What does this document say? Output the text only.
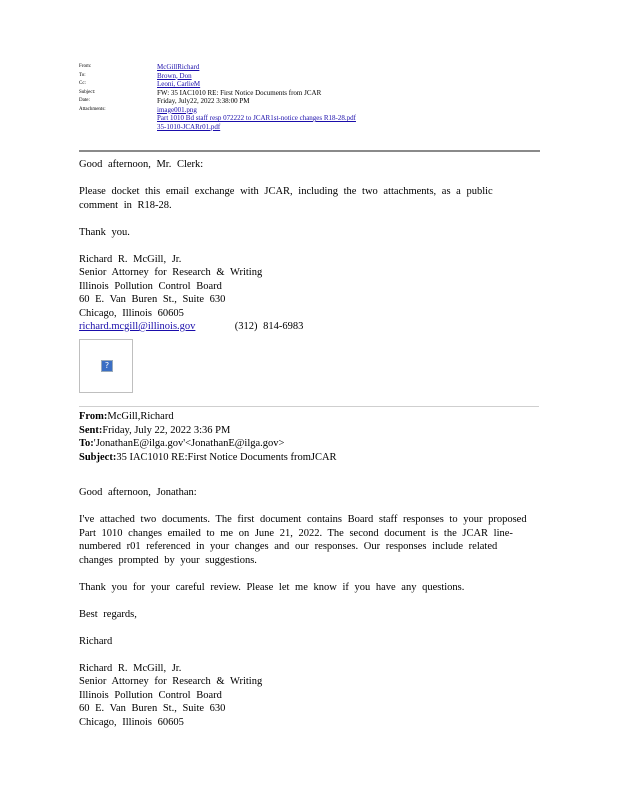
From:	McGillRichard
To:	Brown, Don
Cc:	Leoni, CarlieM
Subject:	FW: 35 IAC1010 RE: First Notice Documents from JCAR
Date:	Friday, July22, 2022 3:38:00 PM
Attachments:	image001.png
Part 1010 Bd staff resp 072222 to JCAR1st-notice changes R18-28.pdf
35-1010-JCARr01.pdf

Good afternoon, Mr. Clerk:

Please docket this email exchange with JCAR, including the two attachments, as a public comment in R18-28.

Thank you.

Richard R. McGill, Jr.
Senior Attorney for Research & Writing
Illinois Pollution Control Board
60 E. Van Buren St., Suite 630
Chicago, Illinois 60605
richard.mcgill@illinois.gov	(312) 814-6983
?
From:McGill,Richard
Sent:Friday, July 22, 2022 3:36 PM
To:'JonathanE@ilga.gov'<JonathanE@ilga.gov>
Subject:35 IAC1010 RE:First Notice Documents fromJCAR

Good afternoon, Jonathan:

I've attached two documents. The first document contains Board staff responses to your proposed Part 1010 changes emailed to me on June 21, 2022. The second document is the JCAR line-numbered r01 referenced in your changes and our responses. Our responses include related changes prompted by your suggestions.

Thank you for your careful review. Please let me know if you have any questions.

Best regards,

Richard

Richard R. McGill, Jr.
Senior Attorney for Research & Writing
Illinois Pollution Control Board
60 E. Van Buren St., Suite 630
Chicago, Illinois 60605
